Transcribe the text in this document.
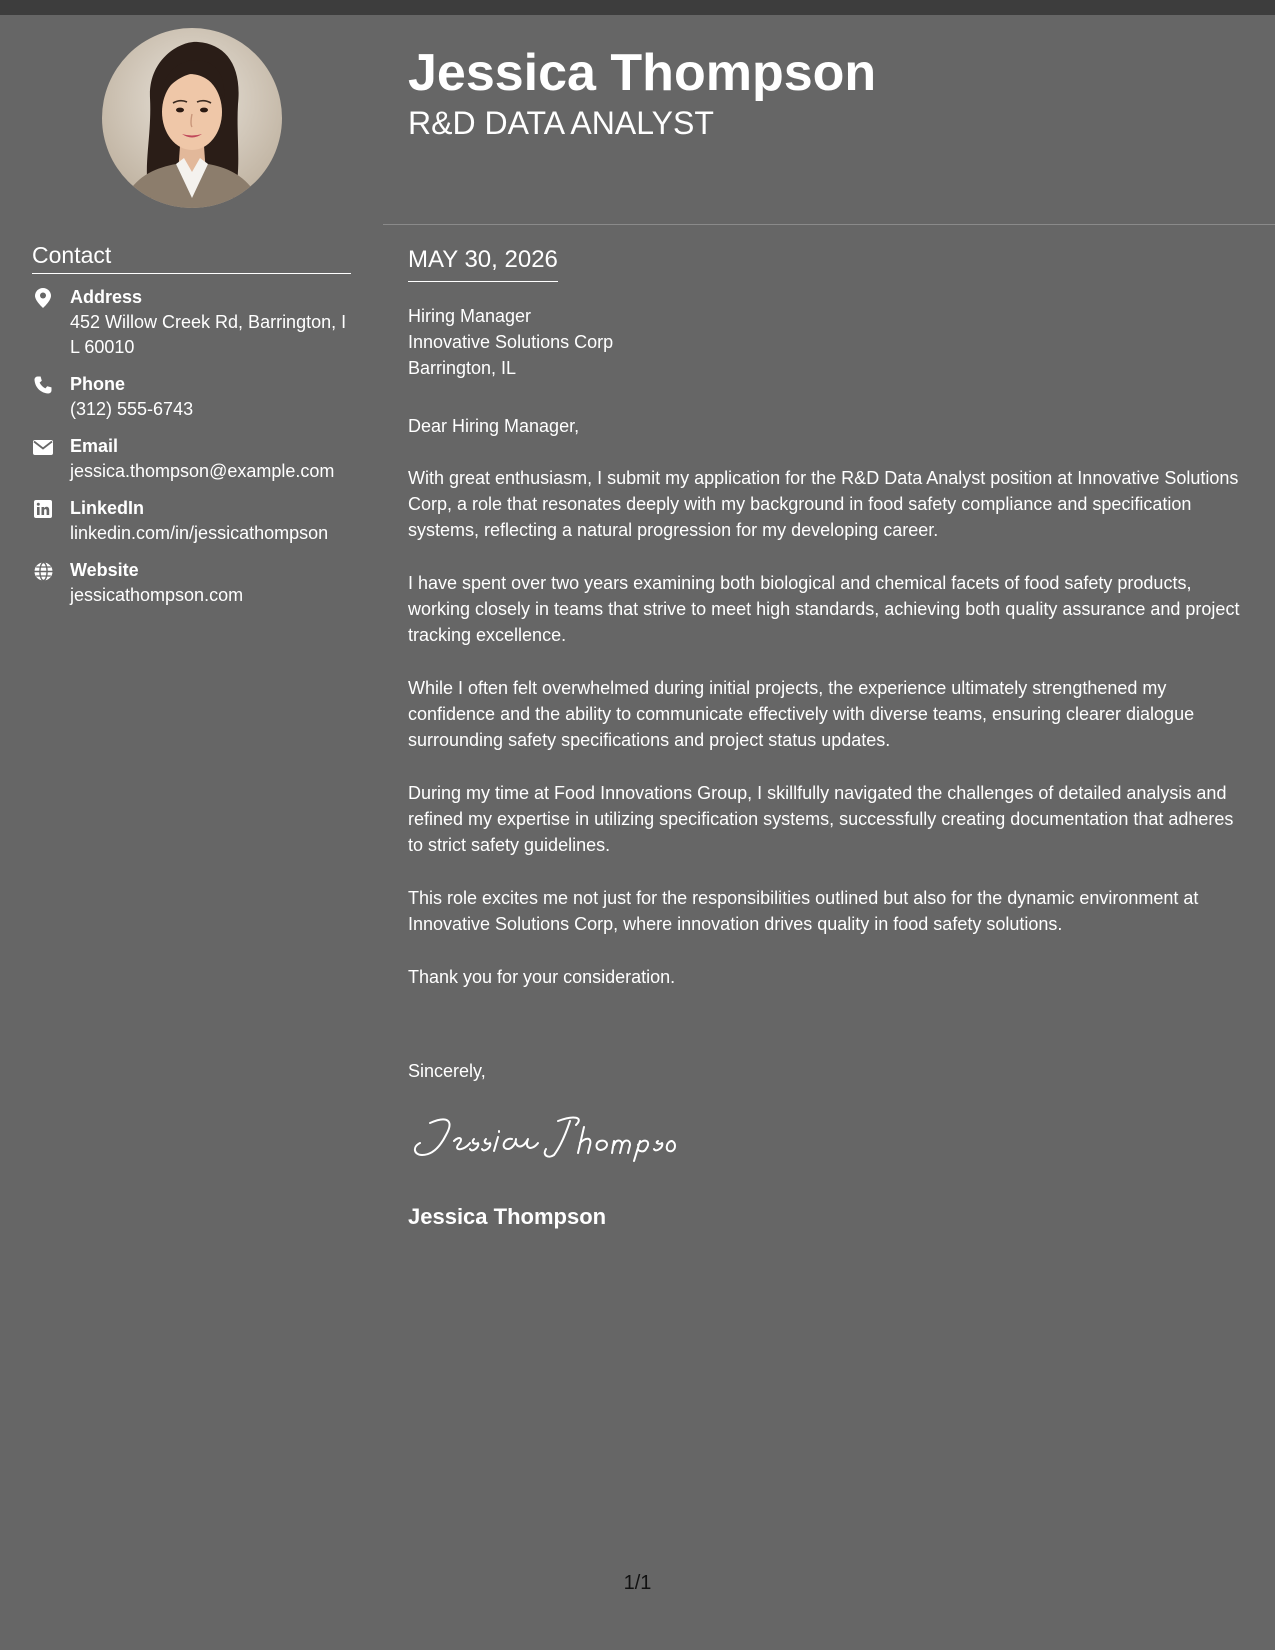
Contact
Address
452 Willow Creek Rd, Barrington, IL 60010
Phone
(312) 555-6743
Email
jessica.thompson@example.com
LinkedIn
linkedin.com/in/jessicathompson
Website
jessicathompson.com
Jessica Thompson
R&D DATA ANALYST
MAY 30, 2026
Hiring Manager
Innovative Solutions Corp
Barrington, IL
Dear Hiring Manager,

With great enthusiasm, I submit my application for the R&D Data Analyst position at Innovative Solutions Corp, a role that resonates deeply with my background in food safety compliance and specification systems, reflecting a natural progression for my developing career.

I have spent over two years examining both biological and chemical facets of food safety products, working closely in teams that strive to meet high standards, achieving both quality assurance and project tracking excellence.

While I often felt overwhelmed during initial projects, the experience ultimately strengthened my confidence and the ability to communicate effectively with diverse teams, ensuring clearer dialogue surrounding safety specifications and project status updates.

During my time at Food Innovations Group, I skillfully navigated the challenges of detailed analysis and refined my expertise in utilizing specification systems, successfully creating documentation that adheres to strict safety guidelines.

This role excites me not just for the responsibilities outlined but also for the dynamic environment at Innovative Solutions Corp, where innovation drives quality in food safety solutions.

Thank you for your consideration.

Sincerely,
Jessica Thompson
1/1
